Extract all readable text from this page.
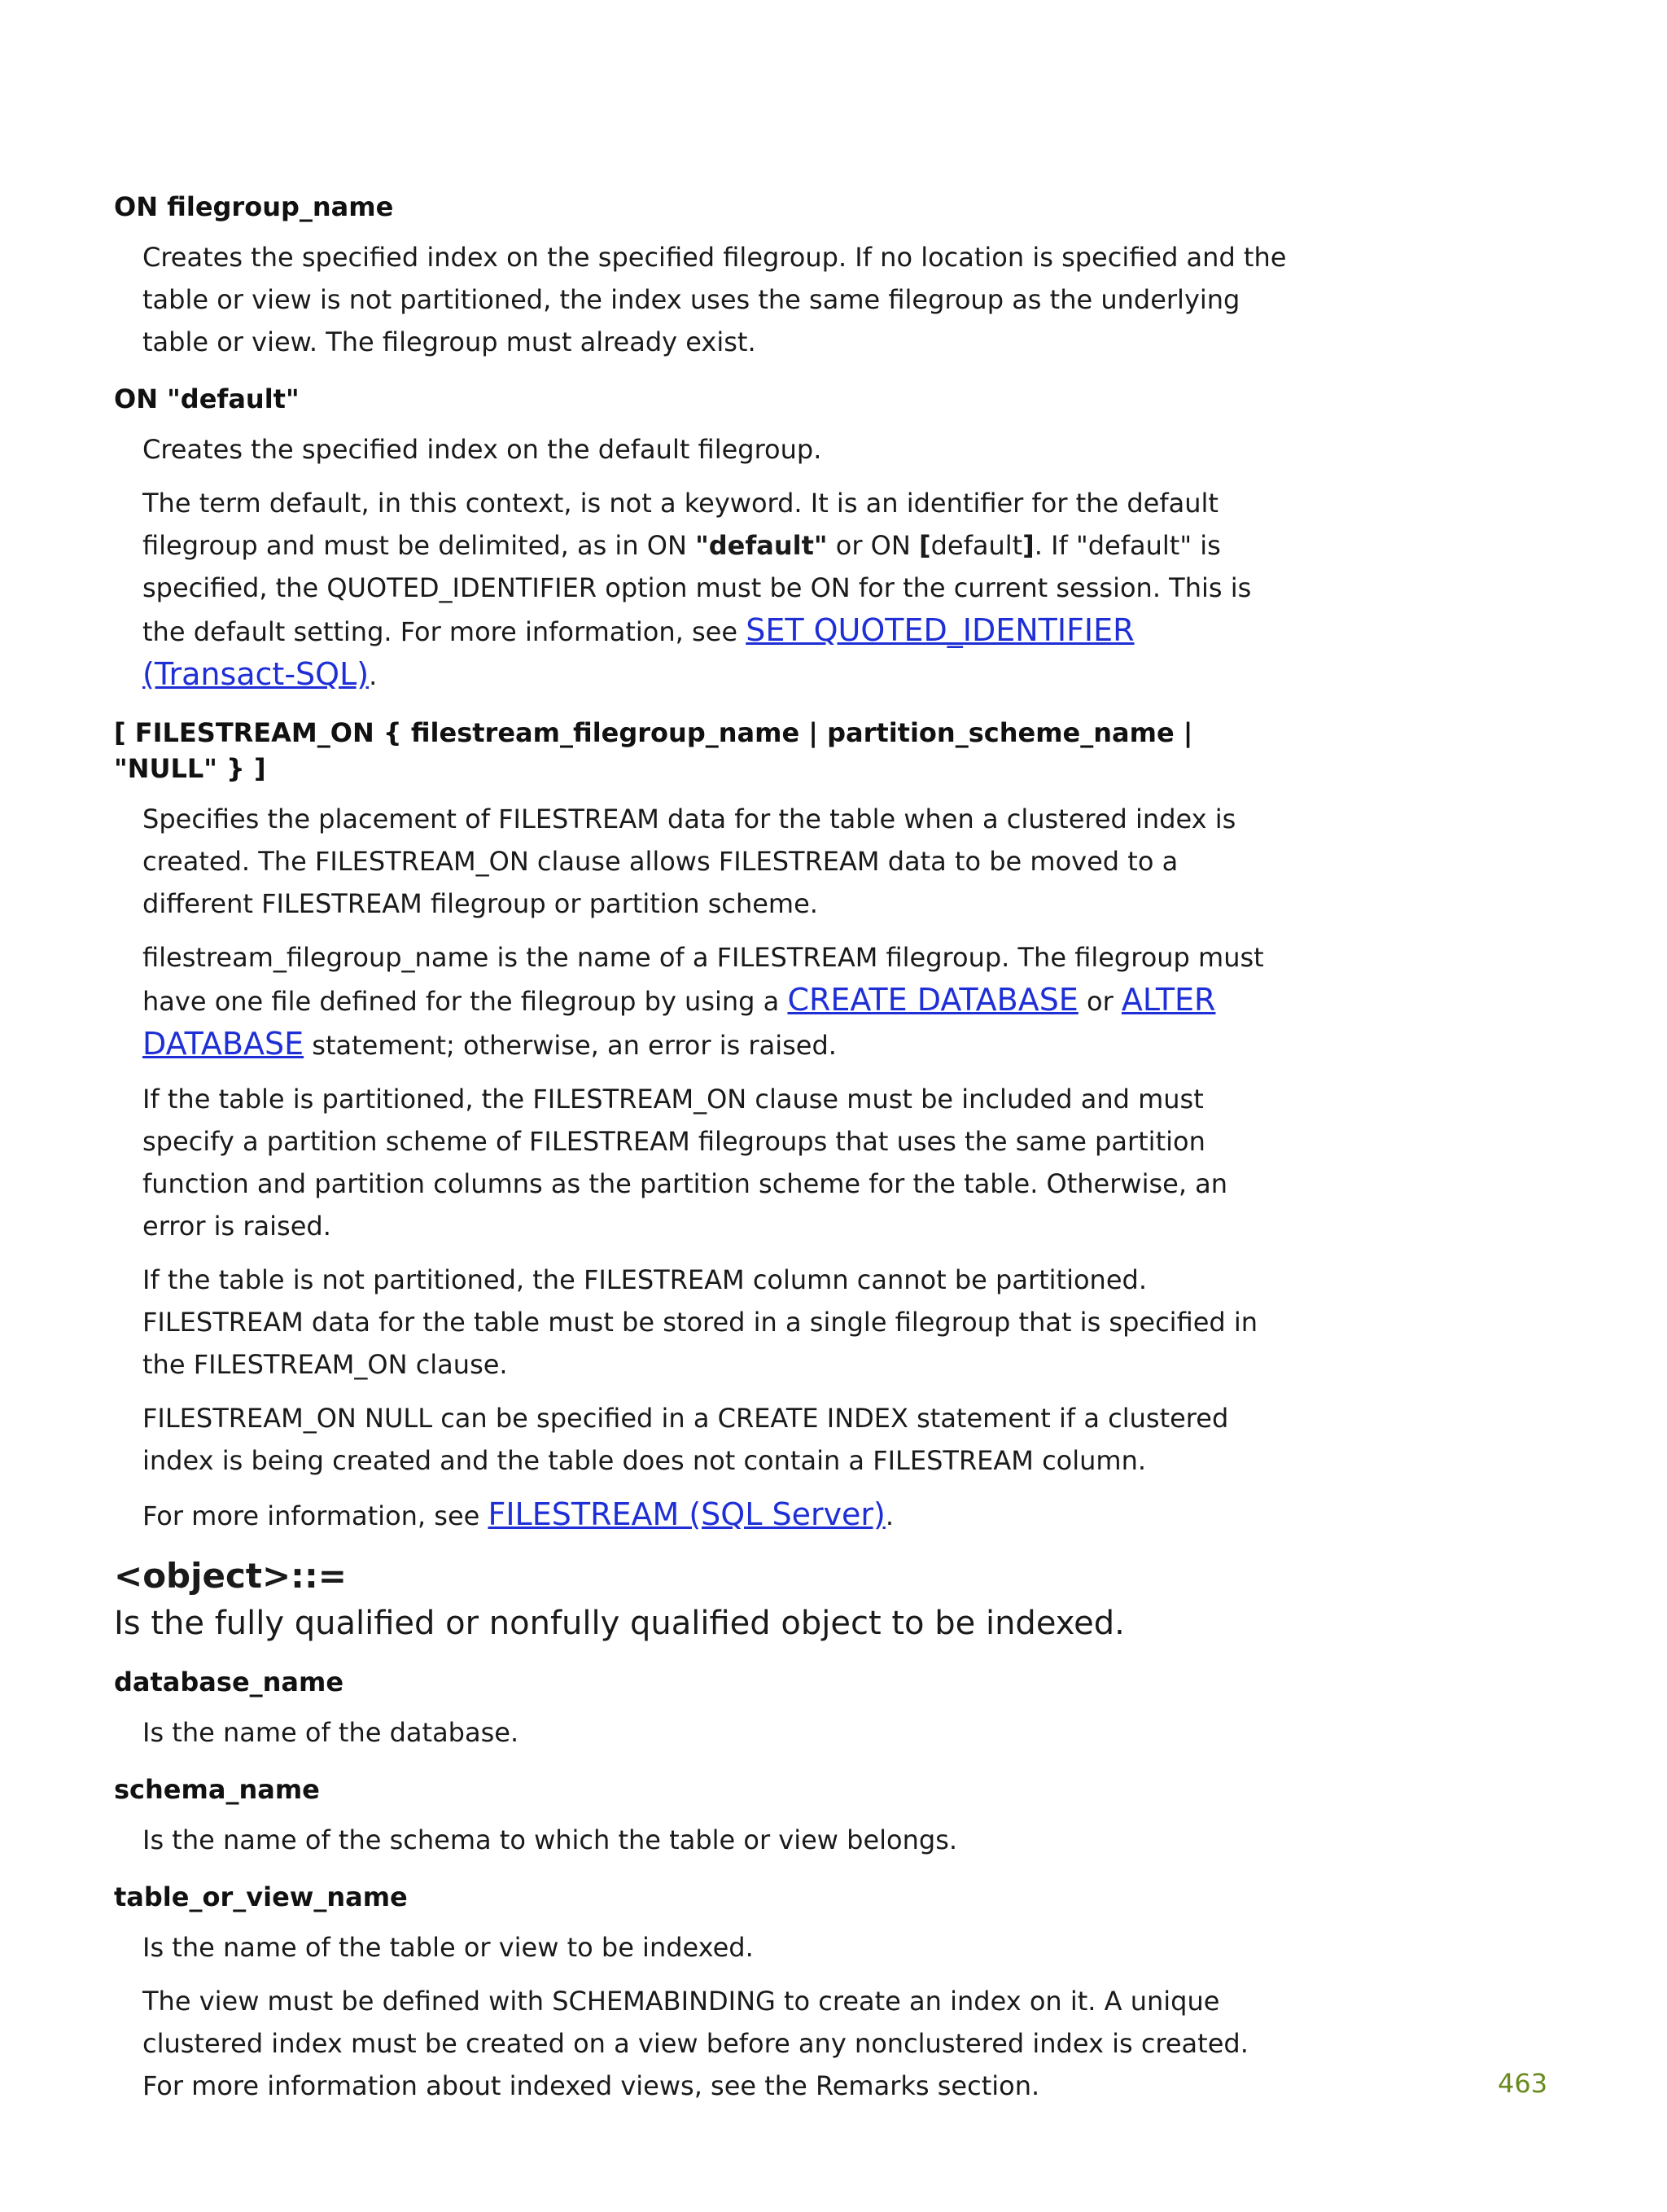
ON filegroup_name

Creates the specified index on the specified filegroup. If no location is specified and the table or view is not partitioned, the index uses the same filegroup as the underlying table or view. The filegroup must already exist.

ON "default"

Creates the specified index on the default filegroup.

The term default, in this context, is not a keyword. It is an identifier for the default filegroup and must be delimited, as in ON "default" or ON [default]. If "default" is specified, the QUOTED_IDENTIFIER option must be ON for the current session. This is the default setting. For more information, see SET QUOTED_IDENTIFIER (Transact-SQL).

[ FILESTREAM_ON { filestream_filegroup_name | partition_scheme_name | "NULL" } ]

Specifies the placement of FILESTREAM data for the table when a clustered index is created. The FILESTREAM_ON clause allows FILESTREAM data to be moved to a different FILESTREAM filegroup or partition scheme.

filestream_filegroup_name is the name of a FILESTREAM filegroup. The filegroup must have one file defined for the filegroup by using a CREATE DATABASE or ALTER DATABASE statement; otherwise, an error is raised.

If the table is partitioned, the FILESTREAM_ON clause must be included and must specify a partition scheme of FILESTREAM filegroups that uses the same partition function and partition columns as the partition scheme for the table. Otherwise, an error is raised.

If the table is not partitioned, the FILESTREAM column cannot be partitioned. FILESTREAM data for the table must be stored in a single filegroup that is specified in the FILESTREAM_ON clause.

FILESTREAM_ON NULL can be specified in a CREATE INDEX statement if a clustered index is being created and the table does not contain a FILESTREAM column.

For more information, see FILESTREAM (SQL Server).

<object>::=
Is the fully qualified or nonfully qualified object to be indexed.
database_name

Is the name of the database.

schema_name

Is the name of the schema to which the table or view belongs.

table_or_view_name

Is the name of the table or view to be indexed.

The view must be defined with SCHEMABINDING to create an index on it. A unique clustered index must be created on a view before any nonclustered index is created. For more information about indexed views, see the Remarks section.	463
